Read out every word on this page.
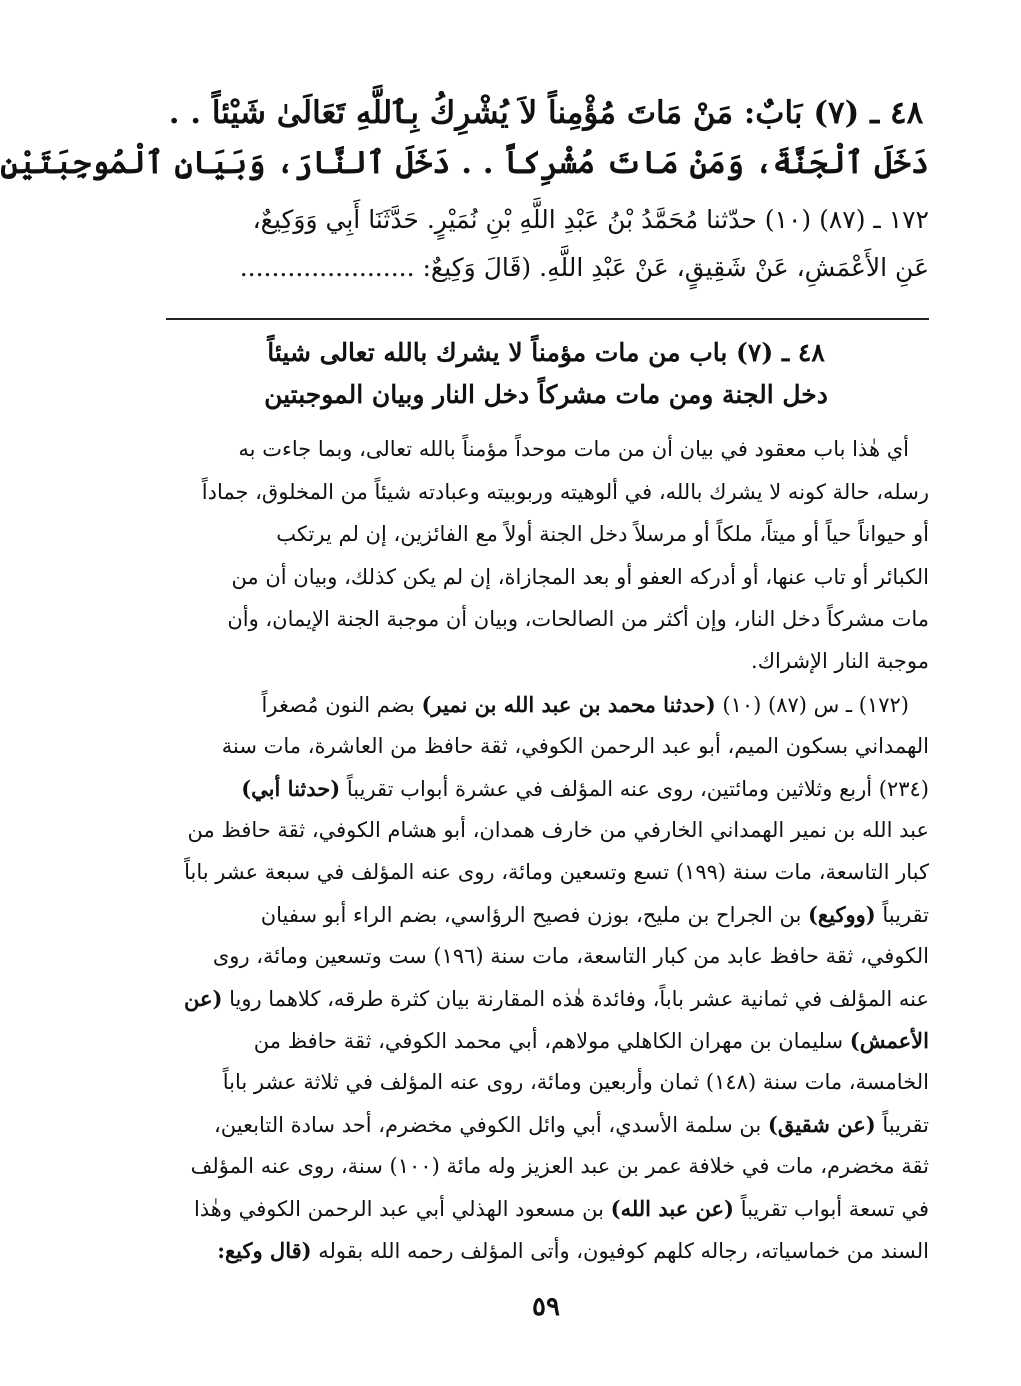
٤٨ ـ (٧) بَابٌ: مَنْ مَاتَ مُؤْمِناً لاَ يُشْرِكُ بِٱللَّهِ تَعَالَىٰ شَيْئاً . .
دَخَلَ ٱلْجَنَّةَ، وَمَنْ مَاتَ مُشْرِكاً . . دَخَلَ ٱلنَّارَ، وَبَيَانِ ٱلْمُوجِبَتَيْنِ
١٧٢ ـ (٨٧) (١٠) حدّثنا مُحَمَّدُ بْنُ عَبْدِ اللَّهِ بْنِ نُمَيْرٍ. حَدَّثَنَا أَبِي وَوَكِيعٌ،
عَنِ الأَعْمَشِ، عَنْ شَقِيقٍ، عَنْ عَبْدِ اللَّهِ. (قَالَ وَكِيعٌ: ......................
٤٨ ـ (٧) باب من مات مؤمناً لا يشرك بالله تعالى شيئاً
دخل الجنة ومن مات مشركاً دخل النار وبيان الموجبتين
أي هٰذا باب معقود في بيان أن من مات موحداً مؤمناً بالله تعالى، وبما جاءت به
رسله، حالة كونه لا يشرك بالله، في ألوهيته وربوبيته وعبادته شيئاً من المخلوق، جماداً
أو حيواناً حياً أو ميتاً، ملكاً أو مرسلاً دخل الجنة أولاً مع الفائزين، إن لم يرتكب
الكبائر أو تاب عنها، أو أدركه العفو أو بعد المجازاة، إن لم يكن كذلك، وبيان أن من
مات مشركاً دخل النار، وإن أكثر من الصالحات، وبيان أن موجبة الجنة الإيمان، وأن
موجبة النار الإشراك.
(١٧٢) ـ س (٨٧) (١٠) (حدثنا محمد بن عبد الله بن نمير) بضم النون مُصغراً
الهمداني بسكون الميم، أبو عبد الرحمن الكوفي، ثقة حافظ من العاشرة، مات سنة
(٢٣٤) أربع وثلاثين ومائتين، روى عنه المؤلف في عشرة أبواب تقريباً (حدثنا أبي)
عبد الله بن نمير الهمداني الخارفي من خارف همدان، أبو هشام الكوفي، ثقة حافظ من
كبار التاسعة، مات سنة (١٩٩) تسع وتسعين ومائة، روى عنه المؤلف في سبعة عشر باباً
تقريباً (ووكيع) بن الجراح بن مليح، بوزن فصيح الرؤاسي، بضم الراء أبو سفيان
الكوفي، ثقة حافظ عابد من كبار التاسعة، مات سنة (١٩٦) ست وتسعين ومائة، روى
عنه المؤلف في ثمانية عشر باباً، وفائدة هٰذه المقارنة بيان كثرة طرقه، كلاهما رويا (عن
الأعمش) سليمان بن مهران الكاهلي مولاهم، أبي محمد الكوفي، ثقة حافظ من
الخامسة، مات سنة (١٤٨) ثمان وأربعين ومائة، روى عنه المؤلف في ثلاثة عشر باباً
تقريباً (عن شقيق) بن سلمة الأسدي، أبي وائل الكوفي مخضرم، أحد سادة التابعين،
ثقة مخضرم، مات في خلافة عمر بن عبد العزيز وله مائة (١٠٠) سنة، روى عنه المؤلف
في تسعة أبواب تقريباً (عن عبد الله) بن مسعود الهذلي أبي عبد الرحمن الكوفي وهٰذا
السند من خماسياته، رجاله كلهم كوفيون، وأتى المؤلف رحمه الله بقوله (قال وكيع:
٥٩
